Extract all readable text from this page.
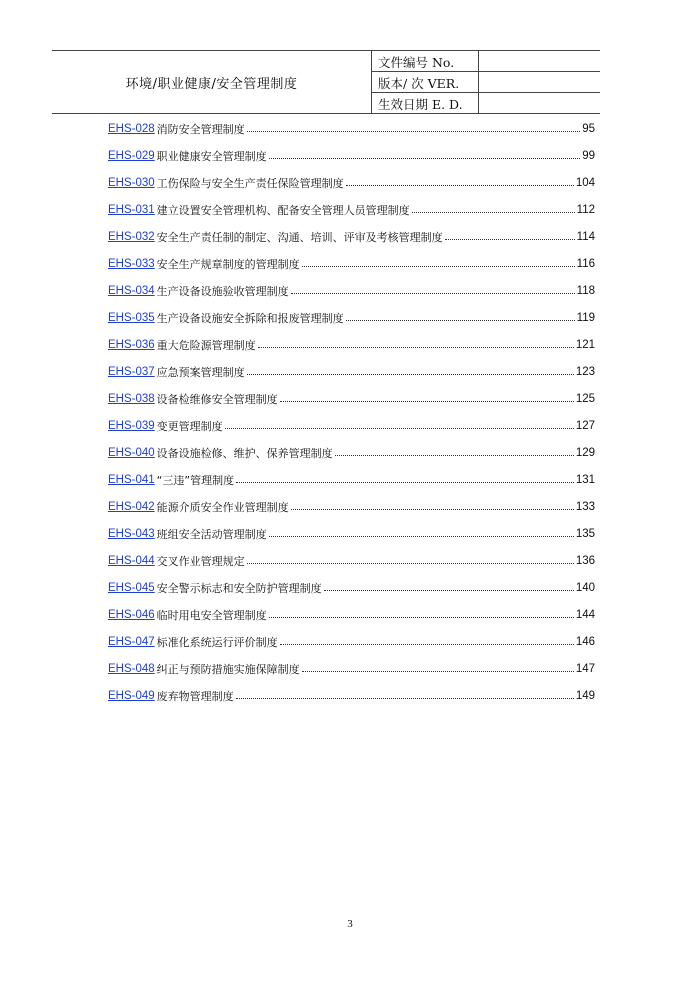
环境/职业健康/安全管理制度
文件编号 No.
版本/ 次 VER.
生效日期 E. D.
EHS-028 消防安全管理制度	95
EHS-029 职业健康安全管理制度	99
EHS-030 工伤保险与安全生产责任保险管理制度	104
EHS-031 建立设置安全管理机构、配备安全管理人员管理制度	112
EHS-032 安全生产责任制的制定、沟通、培训、评审及考核管理制度	114
EHS-033 安全生产规章制度的管理制度	116
EHS-034 生产设备设施验收管理制度	118
EHS-035 生产设备设施安全拆除和报废管理制度	119
EHS-036 重大危险源管理制度	121
EHS-037 应急预案管理制度	123
EHS-038 设备检维修安全管理制度	125
EHS-039 变更管理制度	127
EHS-040 设备设施检修、维护、保养管理制度	129
EHS-041 “三违”管理制度	131
EHS-042 能源介质安全作业管理制度	133
EHS-043 班组安全活动管理制度	135
EHS-044 交叉作业管理规定	136
EHS-045 安全警示标志和安全防护管理制度	140
EHS-046 临时用电安全管理制度	144
EHS-047 标准化系统运行评价制度	146
EHS-048 纠正与预防措施实施保障制度	147
EHS-049 废弃物管理制度	149
3
